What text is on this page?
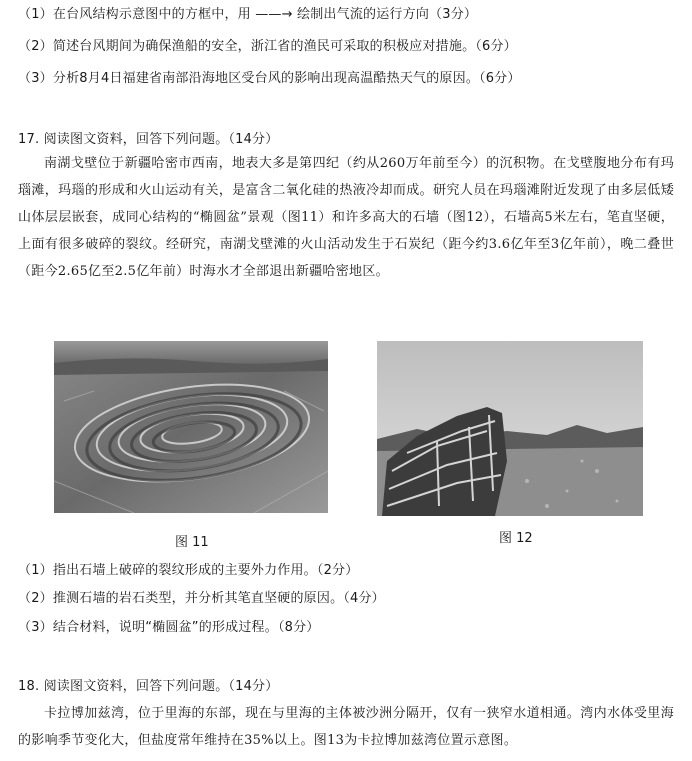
（1）在台风结构示意图中的方框中，用 ——→ 绘制出气流的运行方向（3分）
（2）简述台风期间为确保渔船的安全，浙江省的渔民可采取的积极应对措施。（6分）
（3）分析8月4日福建省南部沿海地区受台风的影响出现高温酷热天气的原因。（6分）
17. 阅读图文资料，回答下列问题。（14分）
南湖戈壁位于新疆哈密市西南，地表大多是第四纪（约从260万年前至今）的沉积物。在戈壁腹地分布有玛瑙滩，玛瑙的形成和火山运动有关，是富含二氧化硅的热液冷却而成。研究人员在玛瑙滩附近发现了由多层低矮山体层层嵌套，成同心结构的“椭圆盆”景观（图11）和许多高大的石墙（图12），石墙高5米左右，笔直坚硬，上面有很多破碎的裂纹。经研究，南湖戈壁滩的火山活动发生于石炭纪（距今约3.6亿年至3亿年前），晚二叠世（距今2.65亿至2.5亿年前）时海水才全部退出新疆哈密地区。
图 11	图 12
（1）指出石墙上破碎的裂纹形成的主要外力作用。（2分）
（2）推测石墙的岩石类型，并分析其笔直坚硬的原因。（4分）
（3）结合材料，说明“椭圆盆”的形成过程。（8分）
18. 阅读图文资料，回答下列问题。（14分）
卡拉博加兹湾，位于里海的东部，现在与里海的主体被沙洲分隔开，仅有一狭窄水道相通。湾内水体受里海的影响季节变化大，但盐度常年维持在35%以上。图13为卡拉博加兹湾位置示意图。
